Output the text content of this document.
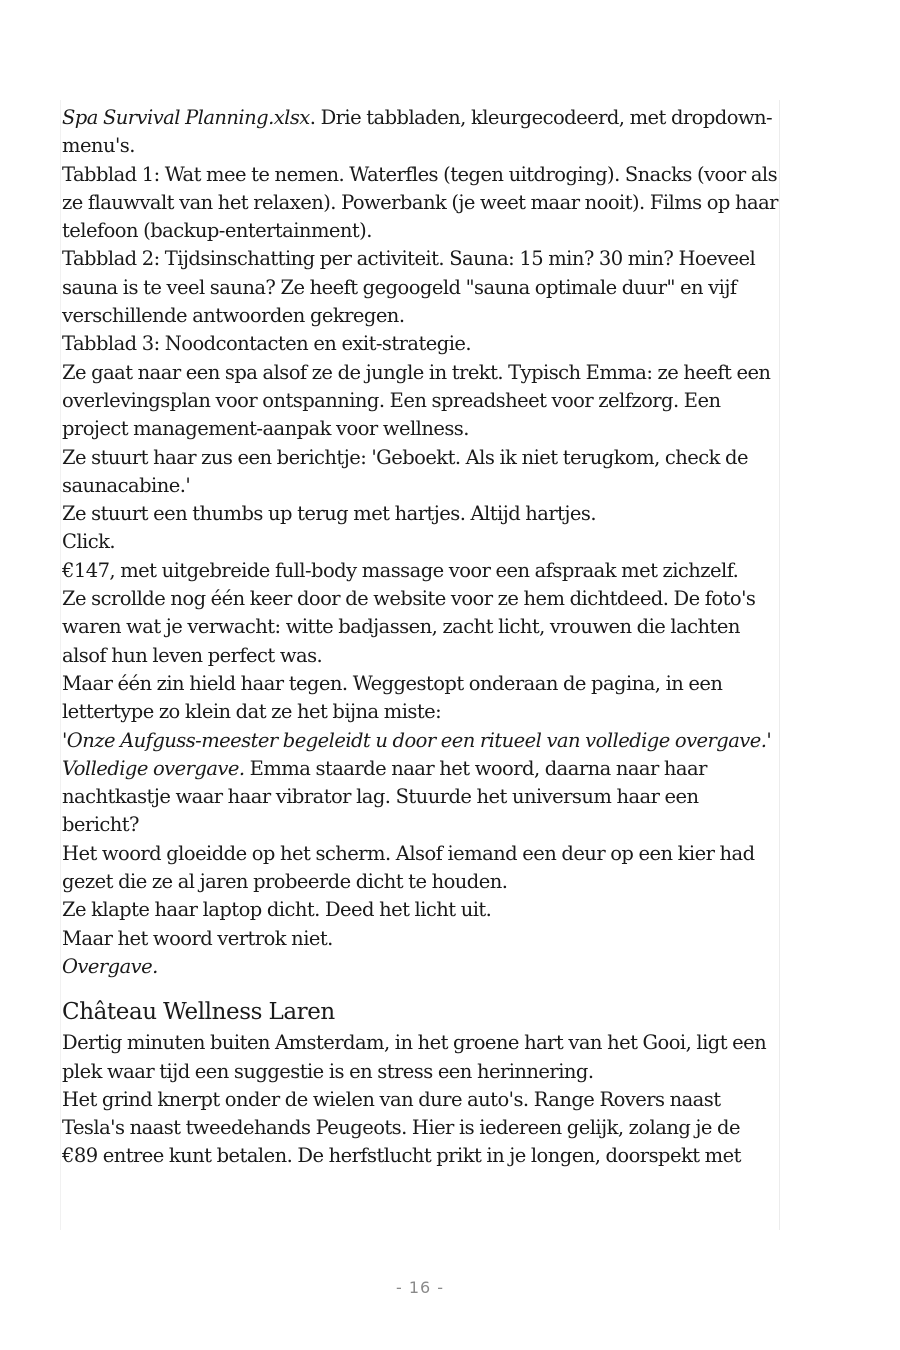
Spa Survival Planning.xlsx. Drie tabbladen, kleurgecodeerd, met dropdown-menu's.

Tabblad 1: Wat mee te nemen. Waterfles (tegen uitdroging). Snacks (voor als ze flauwvalt van het relaxen). Powerbank (je weet maar nooit). Films op haar telefoon (backup-entertainment).

Tabblad 2: Tijdsinschatting per activiteit. Sauna: 15 min? 30 min? Hoeveel sauna is te veel sauna? Ze heeft gegoogeld "sauna optimale duur" en vijf verschillende antwoorden gekregen.

Tabblad 3: Noodcontacten en exit-strategie.

Ze gaat naar een spa alsof ze de jungle in trekt. Typisch Emma: ze heeft een overlevingsplan voor ontspanning. Een spreadsheet voor zelfzorg. Een project management-aanpak voor wellness.

Ze stuurt haar zus een berichtje: 'Geboekt. Als ik niet terugkom, check de saunacabine.'

Ze stuurt een thumbs up terug met hartjes. Altijd hartjes.

Click.

€147, met uitgebreide full-body massage voor een afspraak met zichzelf.

Ze scrollde nog één keer door de website voor ze hem dichtdeed. De foto's waren wat je verwacht: witte badjassen, zacht licht, vrouwen die lachten alsof hun leven perfect was.

Maar één zin hield haar tegen. Weggestopt onderaan de pagina, in een lettertype zo klein dat ze het bijna miste:

'Onze Aufguss-meester begeleidt u door een ritueel van volledige overgave.'

Volledige overgave. Emma staarde naar het woord, daarna naar haar nachtkastje waar haar vibrator lag. Stuurde het universum haar een bericht?

Het woord gloeidde op het scherm. Alsof iemand een deur op een kier had gezet die ze al jaren probeerde dicht te houden.

Ze klapte haar laptop dicht. Deed het licht uit.

Maar het woord vertrok niet.

Overgave.

Château Wellness Laren

Dertig minuten buiten Amsterdam, in het groene hart van het Gooi, ligt een plek waar tijd een suggestie is en stress een herinnering.

Het grind knerpt onder de wielen van dure auto's. Range Rovers naast Tesla's naast tweedehands Peugeots. Hier is iedereen gelijk, zolang je de €89 entree kunt betalen. De herfstlucht prikt in je longen, doorspekt met

- 16 -
